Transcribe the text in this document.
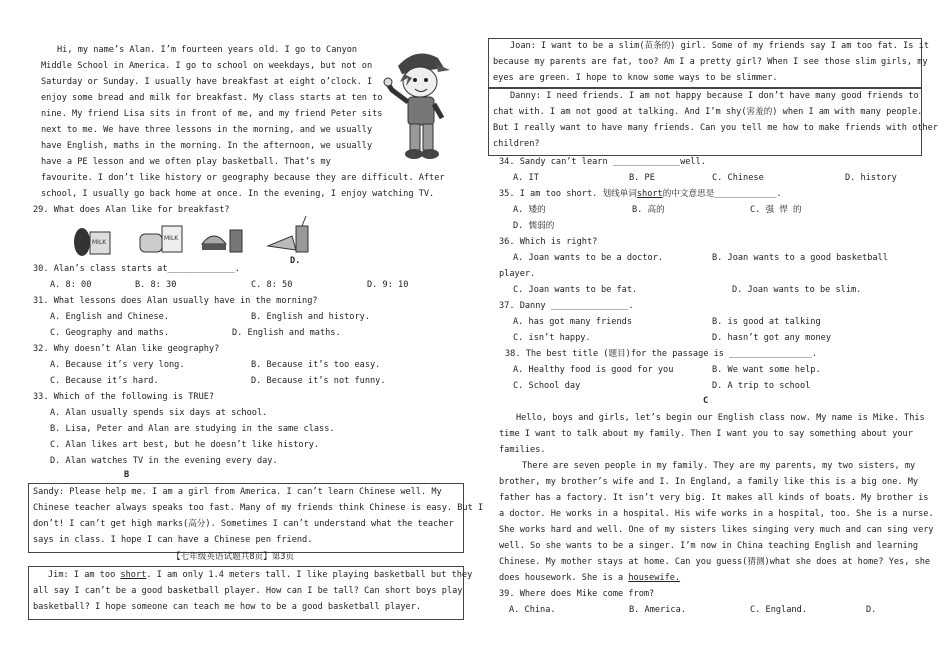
Hi, my name’s Alan. I’m fourteen years old. I go to Canyon
Middle School in America. I go to school on weekdays, but not on
Saturday or Sunday. I usually have breakfast at eight o’clock. I
enjoy some bread and milk for breakfast. My class starts at ten to
nine. My friend Lisa sits in front of me, and my friend Peter sits
next to me. We have three lessons in the morning, and we usually
have English, maths in the morning. In the afternoon, we usually
have a PE lesson and we often play basketball. That’s my
favourite. I don’t like history or geography because they are difficult. After
school, I usually go back home at once. In the evening, I enjoy watching TV.
29. What does Alan like for breakfast?
MILK
MILK
D.
30. Alan’s class starts at_____________.
A. 8: 00	B. 8: 30	C. 8: 50	D. 9: 10
31. What lessons does Alan usually have in the morning?
A. English and Chinese.	B. English and history.
C. Geography and maths.	D. English and maths.
32. Why doesn’t Alan like geography?
A. Because it’s very long.	B. Because it’s too easy.
C. Because it’s hard.	D. Because it’s not funny.
33. Which of the following is TRUE?
A. Alan usually spends six days at school.
B. Lisa, Peter and Alan are studying in the same class.
C. Alan likes art best, but he doesn’t like history.
D. Alan watches TV in the evening every day.
B
Sandy: Please help me. I am a girl from America. I can’t learn Chinese well. My
Chinese teacher always speaks too fast. Many of my friends think Chinese is easy. But I
don’t! I can’t get high marks(高分). Sometimes I can’t understand what the teacher
says in class. I hope I can have a Chinese pen friend.
【七年级英语试题共8页】第3页
Jim: I am too short. I am only 1.4 meters tall. I like playing basketball but they
all say I can’t be a good basketball player. How can I be tall? Can short boys play
basketball? I hope someone can teach me how to be a good basketball player.
Joan: I want to be a slim(苗条的) girl. Some of my friends say I am too fat. Is it
because my parents are fat, too? Am I a pretty girl? When I see those slim girls, my
eyes are green. I hope to know some ways to be slimmer.
Danny: I need friends. I am not happy because I don’t have many good friends to
chat with. I am not good at talking. And I’m shy(害羞的) when I am with many people.
But I really want to have many friends. Can you tell me how to make friends with other
children?
34. Sandy can’t learn _____________well.
A. IT	B. PE	C. Chinese	D. history
35. I am too short. 划线单词short的中文意思是____________.
A. 矮的	B. 高的	C. 强 悍 的
D. 懦弱的
36. Which is right?
A. Joan wants to be a doctor.	B. Joan wants to a good basketball
player.
C. Joan wants to be fat.	D. Joan wants to be slim.
37. Danny _______________.
A. has got many friends	B. is good at talking
C. isn’t happy.	D. hasn’t got any money
38. The best title (题目)for the passage is ________________.
A. Healthy food is good for you	B. We want some help.
C. School day	D. A trip to school
C
Hello, boys and girls, let’s begin our English class now. My name is Mike. This
time I want to talk about my family. Then I want you to say something about your
families.
There are seven people in my family. They are my parents, my two sisters, my
brother, my brother’s wife and I. In England, a family like this is a big one. My
father has a factory. It isn’t very big. It makes all kinds of boats. My brother is
a doctor. He works in a hospital. His wife works in a hospital, too. She is a nurse.
She works hard and well. One of my sisters likes singing very much and can sing very
well. So she wants to be a singer. I’m now in China teaching English and learning
Chinese. My mother stays at home. Can you guess(猜测)what she does at home? Yes, she
does housework. She is a housewife.
39. Where does Mike come from?
A. China.	B. America.	C. England.	D.
